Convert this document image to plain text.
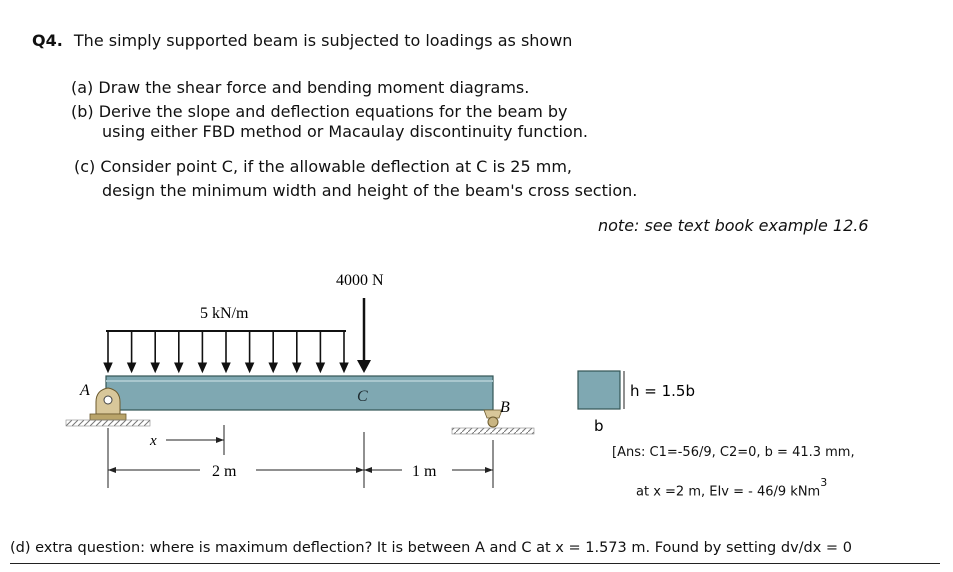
Q4. The simply supported beam is subjected to loadings as shown
(a) Draw the shear force and bending moment diagrams.
(b) Derive the slope and deflection equations for the beam by
using either FBD method or Macaulay discontinuity function.
(c) Consider point C, if the allowable deflection at C is 25 mm,
design the minimum width and height of the beam's cross section.
note: see text book example 12.6
4000 N
5 kN/m
A
B
C
x
2 m	1 m
h = 1.5b
b
[Ans: C1=-56/9, C2=0, b = 41.3 mm,
at x =2 m, EIv = - 46/9 kNm$^3$
(d) extra question: where is maximum deflection? It is between A and C at x = 1.573 m. Found by setting dv/dx = 0
